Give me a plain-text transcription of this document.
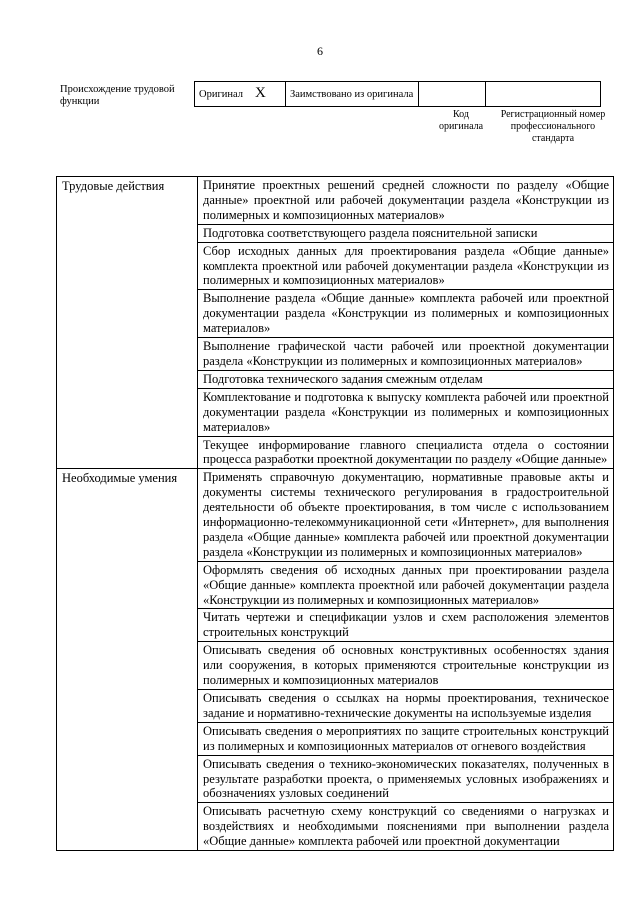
6
Происхождение трудовой функции
Оригинал X	Заимствовано из оригинала		
Код оригинала
Регистрационный номер профессионального стандарта
Трудовые действия	Принятие проектных решений средней сложности по разделу «Общие данные» проектной или рабочей документации раздела «Конструкции из полимерных и композиционных материалов»
	Подготовка соответствующего раздела пояснительной записки
	Сбор исходных данных для проектирования раздела «Общие данные» комплекта проектной или рабочей документации раздела «Конструкции из полимерных и композиционных материалов»
	Выполнение раздела «Общие данные» комплекта рабочей или проектной документации раздела «Конструкции из полимерных и композиционных материалов»
	Выполнение графической части рабочей или проектной документации раздела «Конструкции из полимерных и композиционных материалов»
	Подготовка технического задания смежным отделам
	Комплектование и подготовка к выпуску комплекта рабочей или проектной документации раздела «Конструкции из полимерных и композиционных материалов»
	Текущее информирование главного специалиста отдела о состоянии процесса разработки проектной документации по разделу «Общие данные»
Необходимые умения	Применять справочную документацию, нормативные правовые акты и документы системы технического регулирования в градостроительной деятельности об объекте проектирования, в том числе с использованием информационно-телекоммуникационной сети «Интернет», для выполнения раздела «Общие данные» комплекта рабочей или проектной документации раздела «Конструкции из полимерных и композиционных материалов»
	Оформлять сведения об исходных данных при проектировании раздела «Общие данные» комплекта проектной или рабочей документации раздела «Конструкции из полимерных и композиционных материалов»
	Читать чертежи и спецификации узлов и схем расположения элементов строительных конструкций
	Описывать сведения об основных конструктивных особенностях здания или сооружения, в которых применяются строительные конструкции из полимерных и композиционных материалов
	Описывать сведения о ссылках на нормы проектирования, техническое задание и нормативно-технические документы на используемые изделия
	Описывать сведения о мероприятиях по защите строительных конструкций из полимерных и композиционных материалов от огневого воздействия
	Описывать сведения о технико-экономических показателях, полученных в результате разработки проекта, о применяемых условных изображениях и обозначениях узловых соединений
	Описывать расчетную схему конструкций со сведениями о нагрузках и воздействиях и необходимыми пояснениями при выполнении раздела «Общие данные» комплекта рабочей или проектной документации
